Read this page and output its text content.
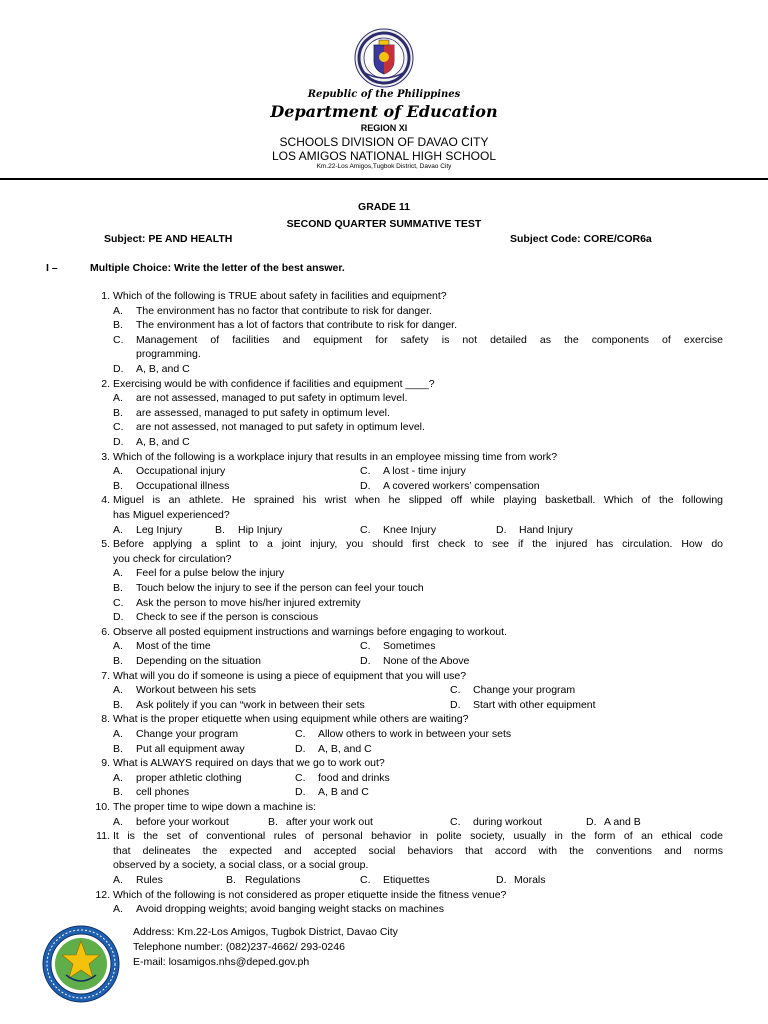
Republic of the Philippines
Department of Education
REGION XI
SCHOOLS DIVISION OF DAVAO CITY
LOS AMIGOS NATIONAL HIGH SCHOOL
Km.22-Los Amigos,Tugbok District, Davao City
GRADE 11
SECOND QUARTER SUMMATIVE TEST
Subject: PE AND HEALTH	Subject Code: CORE/COR6a
I –	Multiple Choice: Write the letter of the best answer.
1. Which of the following is TRUE about safety in facilities and equipment?
A. The environment has no factor that contribute to risk for danger.
B. The environment has a lot of factors that contribute to risk for danger.
C. Management of facilities and equipment for safety is not detailed as the components of exercise
programming.
D. A, B, and C
2. Exercising would be with confidence if facilities and equipment ____?
A. are not assessed, managed to put safety in optimum level.
B. are assessed, managed to put safety in optimum level.
C. are not assessed, not managed to put safety in optimum level.
D. A, B, and C
3. Which of the following is a workplace injury that results in an employee missing time from work?
A. Occupational injury	C. A lost - time injury
B. Occupational illness	D. A covered workers’ compensation
4. Miguel is an athlete. He sprained his wrist when he slipped off while playing basketball. Which of the following
has Miguel experienced?
A. Leg Injury	B. Hip Injury	C. Knee Injury	D. Hand Injury
5. Before applying a splint to a joint injury, you should first check to see if the injured has circulation. How do
you check for circulation?
A. Feel for a pulse below the injury
B. Touch below the injury to see if the person can feel your touch
C. Ask the person to move his/her injured extremity
D. Check to see if the person is conscious
6. Observe all posted equipment instructions and warnings before engaging to workout.
A. Most of the time	C. Sometimes
B. Depending on the situation	D. None of the Above
7. What will you do if someone is using a piece of equipment that you will use?
A. Workout between his sets	C. Change your program
B. Ask politely if you can “work in between their sets	D. Start with other equipment
8. What is the proper etiquette when using equipment while others are waiting?
A. Change your program	C. Allow others to work in between your sets
B. Put all equipment away	D. A, B, and C
9. What is ALWAYS required on days that we go to work out?
A. proper athletic clothing	C. food and drinks
B. cell phones	D. A, B and C
10. The proper time to wipe down a machine is:
A. before your workout	B. after your work out	C. during workout	D. A and B
11. It is the set of conventional rules of personal behavior in polite society, usually in the form of an ethical code
that delineates the expected and accepted social behaviors that accord with the conventions and norms
observed by a society, a social class, or a social group.
A. Rules	B. Regulations	C. Etiquettes	D. Morals
12. Which of the following is not considered as proper etiquette inside the fitness venue?
A. Avoid dropping weights; avoid banging weight stacks on machines
Address: Km.22-Los Amigos, Tugbok District, Davao City
Telephone number: (082)237-4662/ 293-0246
E-mail: losamigos.nhs@deped.gov.ph
